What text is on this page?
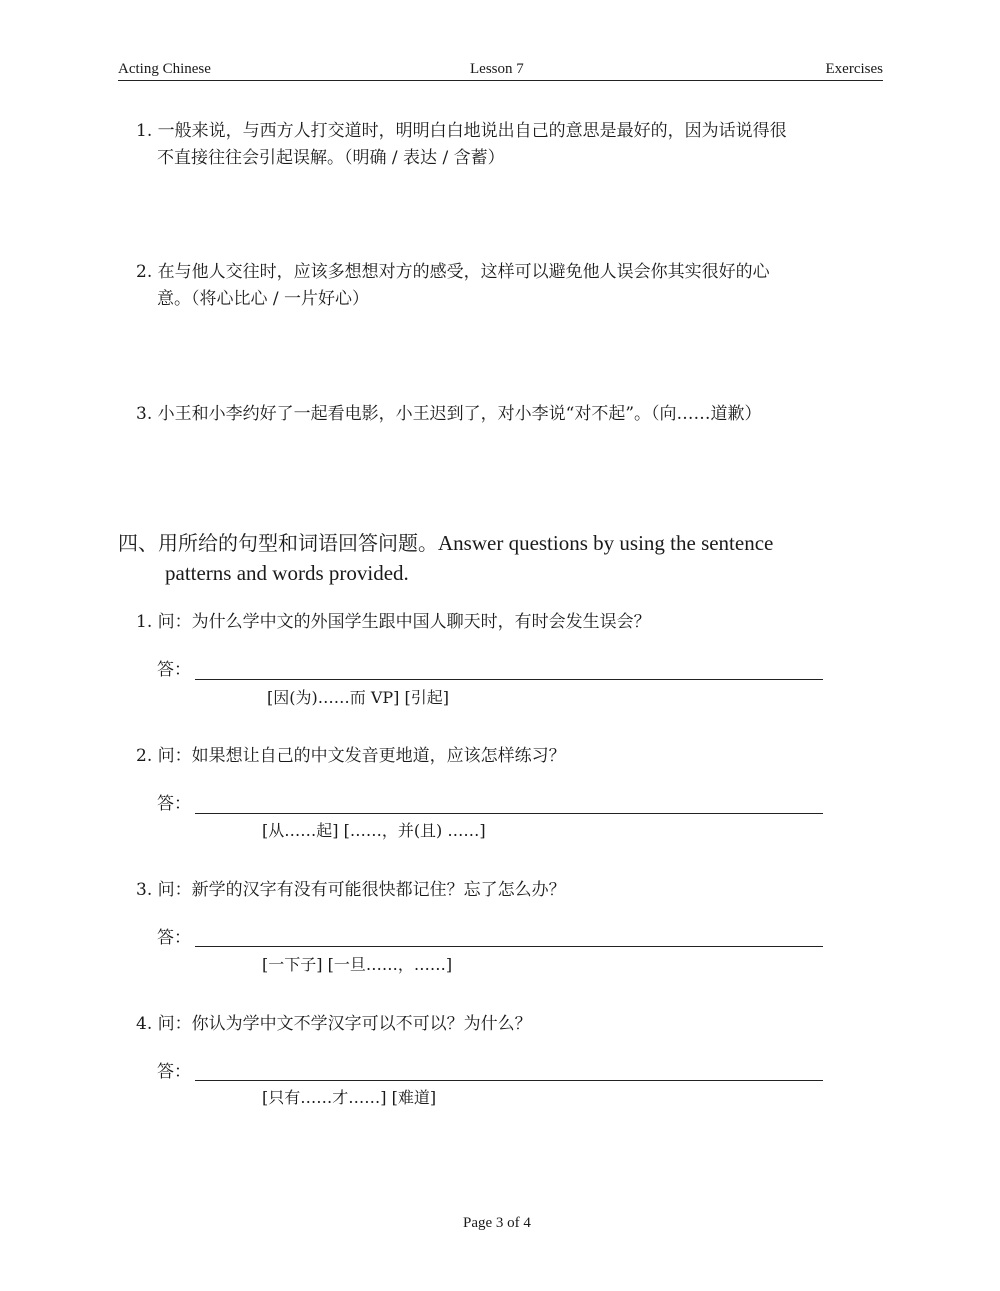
Acting Chinese	Lesson 7	Exercises
1. 一般来说，与西方人打交道时，明明白白地说出自己的意思是最好的，因为话说得很
不直接往往会引起误解。（明确 / 表达 / 含蓄）
2. 在与他人交往时，应该多想想对方的感受，这样可以避免他人误会你其实很好的心
意。（将心比心 / 一片好心）
3. 小王和小李约好了一起看电影，小王迟到了，对小李说“对不起”。（向……道歉）
四、用所给的句型和词语回答问题。Answer questions by using the sentence
patterns and words provided.
1. 问：为什么学中文的外国学生跟中国人聊天时，有时会发生误会？
答：
[因(为)……而 VP] [引起]
2. 问：如果想让自己的中文发音更地道，应该怎样练习？
答：
[从……起] [……，并(且) ……]
3. 问：新学的汉字有没有可能很快都记住？忘了怎么办？
答：
[一下子] [一旦……，……]
4. 问：你认为学中文不学汉字可以不可以？为什么？
答：
[只有……才……] [难道]
Page 3 of 4
